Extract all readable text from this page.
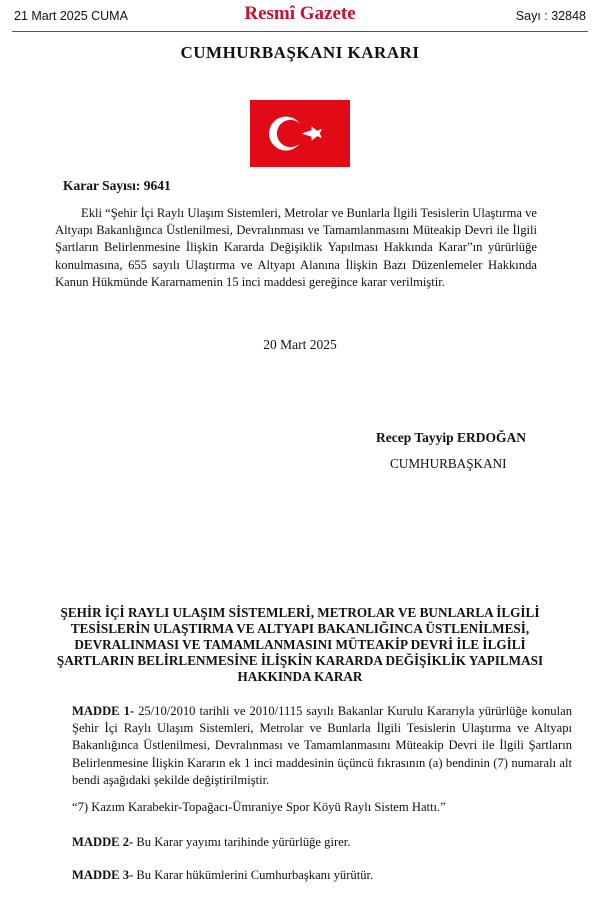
21 Mart 2025 CUMA	Resmî Gazete	Sayı : 32848
CUMHURBAŞKANI KARARI
Karar Sayısı: 9641
Ekli “Şehir İçi Raylı Ulaşım Sistemleri, Metrolar ve Bunlarla İlgili Tesislerin Ulaştırma ve Altyapı Bakanlığınca Üstlenilmesi, Devralınması ve Tamamlanmasını Müteakip Devri ile İlgili Şartların Belirlenmesine İlişkin Kararda Değişiklik Yapılması Hakkında Karar”ın yürürlüğe konulmasına, 655 sayılı Ulaştırma ve Altyapı Alanına İlişkin Bazı Düzenlemeler Hakkında Kanun Hükmünde Kararnamenin 15 inci maddesi gereğince karar verilmiştir.
20 Mart 2025
Recep Tayyip ERDOĞAN
CUMHURBAŞKANI
ŞEHİR İÇİ RAYLI ULAŞIM SİSTEMLERİ, METROLAR VE BUNLARLA İLGİLİ TESİSLERİN ULAŞTIRMA VE ALTYAPI BAKANLIĞINCA ÜSTLENİLMESİ, DEVRALINMASI VE TAMAMLANMASINI MÜTEAKİP DEVRİ İLE İLGİLİ ŞARTLARIN BELİRLENMESİNE İLİŞKİN KARARDA DEĞİŞİKLİK YAPILMASI HAKKINDA KARAR
MADDE 1- 25/10/2010 tarihli ve 2010/1115 sayılı Bakanlar Kurulu Kararıyla yürürlüğe konulan Şehir İçi Raylı Ulaşım Sistemleri, Metrolar ve Bunlarla İlgili Tesislerin Ulaştırma ve Altyapı Bakanlığınca Üstlenilmesi, Devralınması ve Tamamlanmasını Müteakip Devri ile İlgili Şartların Belirlenmesine İlişkin Kararın ek 1 inci maddesinin üçüncü fıkrasının (a) bendinin (7) numaralı alt bendi aşağıdaki şekilde değiştirilmiştir.
“7) Kazım Karabekir-Topağacı-Ümraniye Spor Köyü Raylı Sistem Hattı.”
MADDE 2- Bu Karar yayımı tarihinde yürürlüğe girer.
MADDE 3- Bu Karar hükümlerini Cumhurbaşkanı yürütür.
